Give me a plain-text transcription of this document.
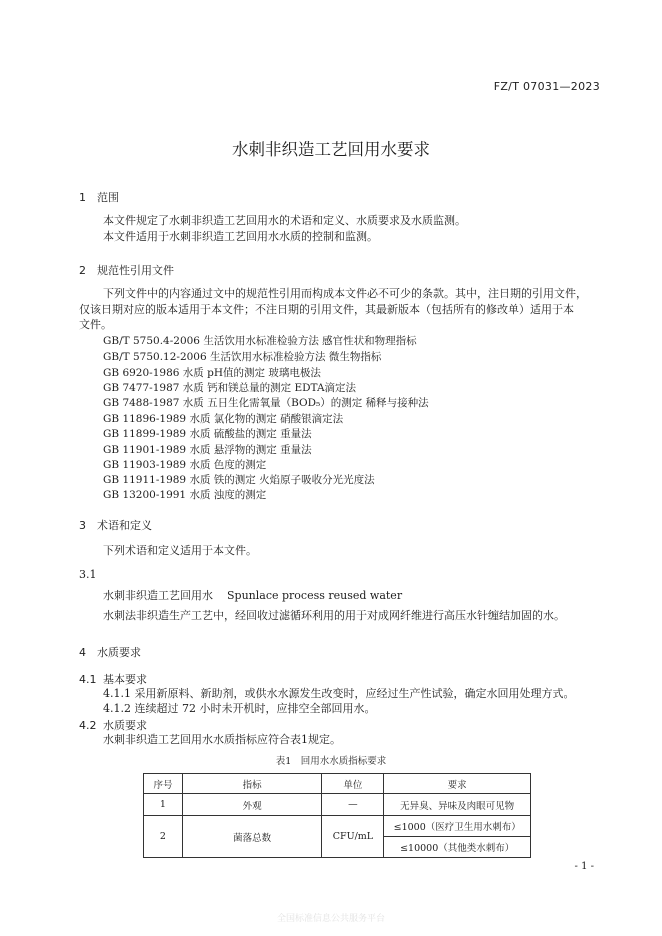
FZ/T 07031—2023
水刺非织造工艺回用水要求
1 范围
本文件规定了水刺非织造工艺回用水的术语和定义、水质要求及水质监测。
本文件适用于水刺非织造工艺回用水水质的控制和监测。
2 规范性引用文件
下列文件中的内容通过文中的规范性引用而构成本文件必不可少的条款。其中，注日期的引用文件，
仅该日期对应的版本适用于本文件；不注日期的引用文件，其最新版本（包括所有的修改单）适用于本
文件。
GB/T 5750.4-2006 生活饮用水标准检验方法 感官性状和物理指标
GB/T 5750.12-2006 生活饮用水标准检验方法 微生物指标
GB 6920-1986 水质 pH值的测定 玻璃电极法
GB 7477-1987 水质 钙和镁总量的测定 EDTA滴定法
GB 7488-1987 水质 五日生化需氧量（BOD₅）的测定 稀释与接种法
GB 11896-1989 水质 氯化物的测定 硝酸银滴定法
GB 11899-1989 水质 硫酸盐的测定 重量法
GB 11901-1989 水质 悬浮物的测定 重量法
GB 11903-1989 水质 色度的测定
GB 11911-1989 水质 铁的测定 火焰原子吸收分光光度法
GB 13200-1991 水质 浊度的测定
3 术语和定义
下列术语和定义适用于本文件。
3.1
水刺非织造工艺回用水 Spunlace process reused water
水刺法非织造生产工艺中，经回收过滤循环利用的用于对成网纤维进行高压水针缠结加固的水。
4 水质要求
4.1 基本要求
4.1.1 采用新原料、新助剂，或供水水源发生改变时，应经过生产性试验，确定水回用处理方式。
4.1.2 连续超过 72 小时未开机时，应排空全部回用水。
4.2 水质要求
水刺非织造工艺回用水水质指标应符合表1规定。
表1　回用水水质指标要求
序号	指标	单位	要求
1	外观	—	无异臭、异味及肉眼可见物
2	菌落总数	CFU/mL	≤1000（医疗卫生用水刺布）
			≤10000（其他类水刺布）
- 1 -
全国标准信息公共服务平台
